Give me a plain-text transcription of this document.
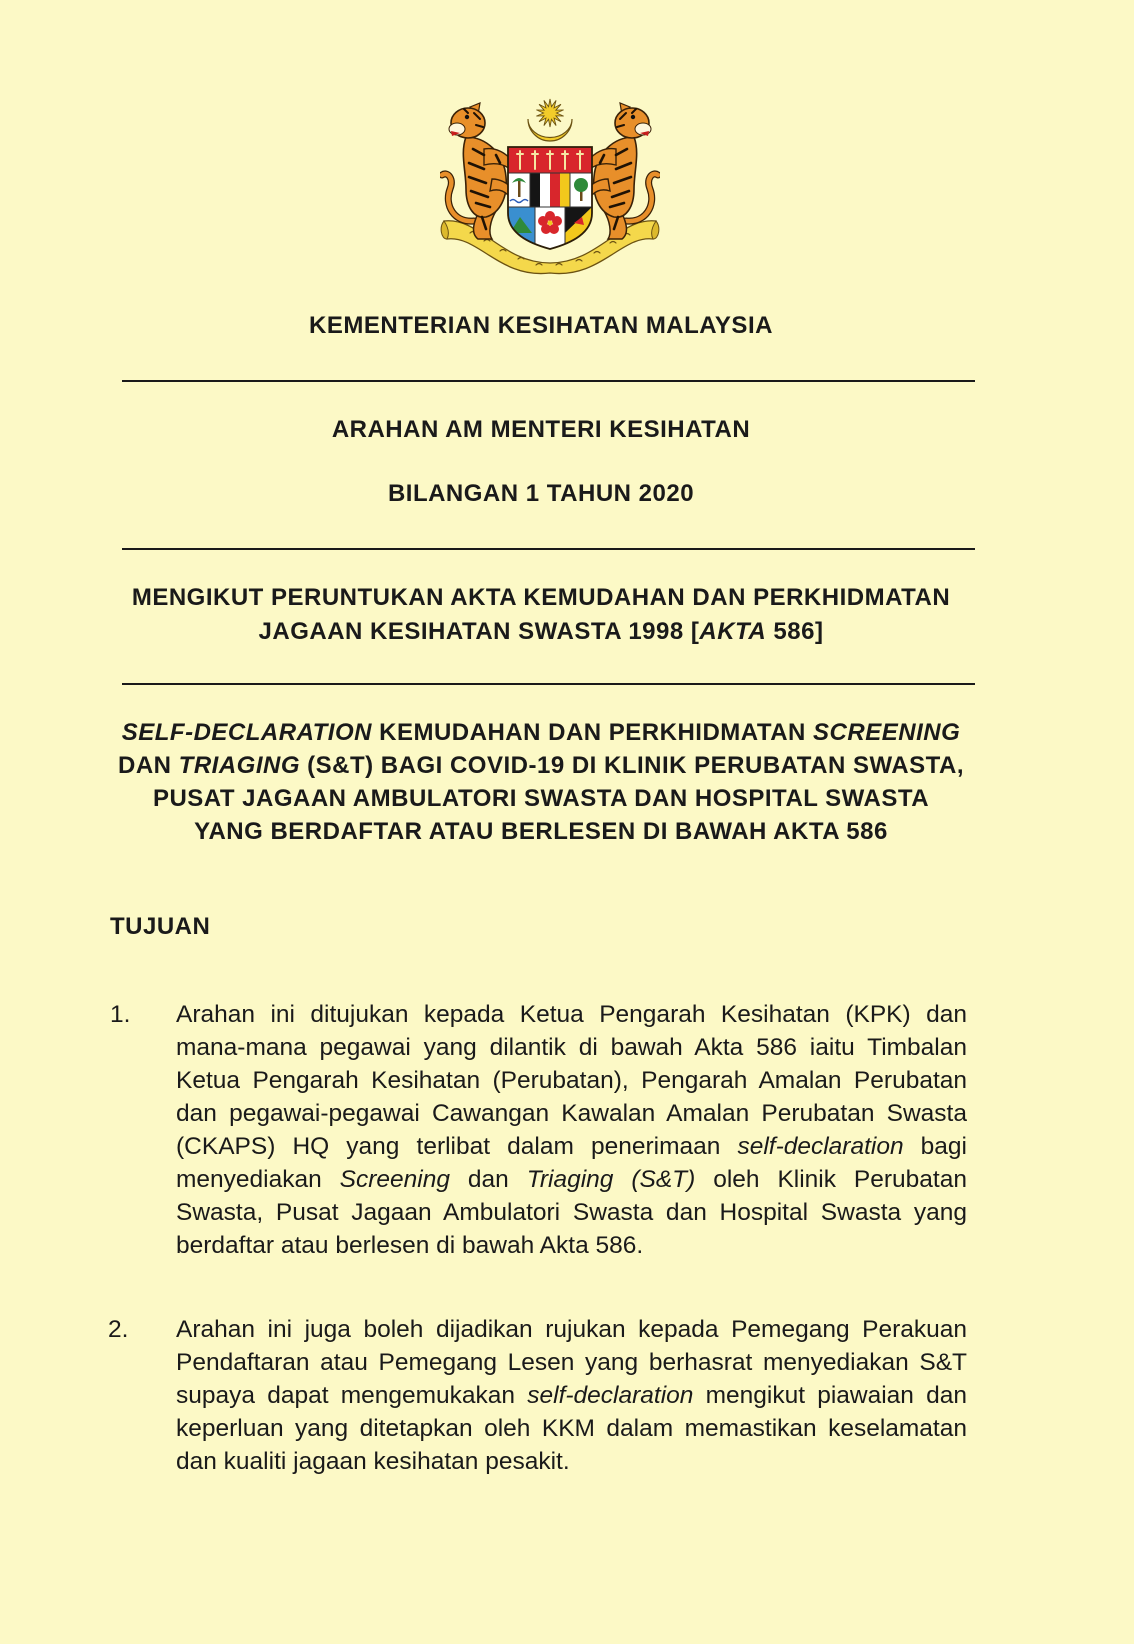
KEMENTERIAN KESIHATAN MALAYSIA
ARAHAN AM MENTERI KESIHATAN
BILANGAN 1 TAHUN 2020
MENGIKUT PERUNTUKAN AKTA KEMUDAHAN DAN PERKHIDMATAN
JAGAAN KESIHATAN SWASTA 1998 [AKTA 586]
SELF-DECLARATION KEMUDAHAN DAN PERKHIDMATAN SCREENING
DAN TRIAGING (S&T) BAGI COVID-19 DI KLINIK PERUBATAN SWASTA,
PUSAT JAGAAN AMBULATORI SWASTA DAN HOSPITAL SWASTA
YANG BERDAFTAR ATAU BERLESEN DI BAWAH AKTA 586
TUJUAN
1. Arahan ini ditujukan kepada Ketua Pengarah Kesihatan (KPK) dan
mana-mana pegawai yang dilantik di bawah Akta 586 iaitu Timbalan
Ketua Pengarah Kesihatan (Perubatan), Pengarah Amalan Perubatan
dan pegawai-pegawai Cawangan Kawalan Amalan Perubatan Swasta
(CKAPS) HQ yang terlibat dalam penerimaan self-declaration bagi
menyediakan Screening dan Triaging (S&T) oleh Klinik Perubatan
Swasta, Pusat Jagaan Ambulatori Swasta dan Hospital Swasta yang
berdaftar atau berlesen di bawah Akta 586.
2. Arahan ini juga boleh dijadikan rujukan kepada Pemegang Perakuan
Pendaftaran atau Pemegang Lesen yang berhasrat menyediakan S&T
supaya dapat mengemukakan self-declaration mengikut piawaian dan
keperluan yang ditetapkan oleh KKM dalam memastikan keselamatan
dan kualiti jagaan kesihatan pesakit.
